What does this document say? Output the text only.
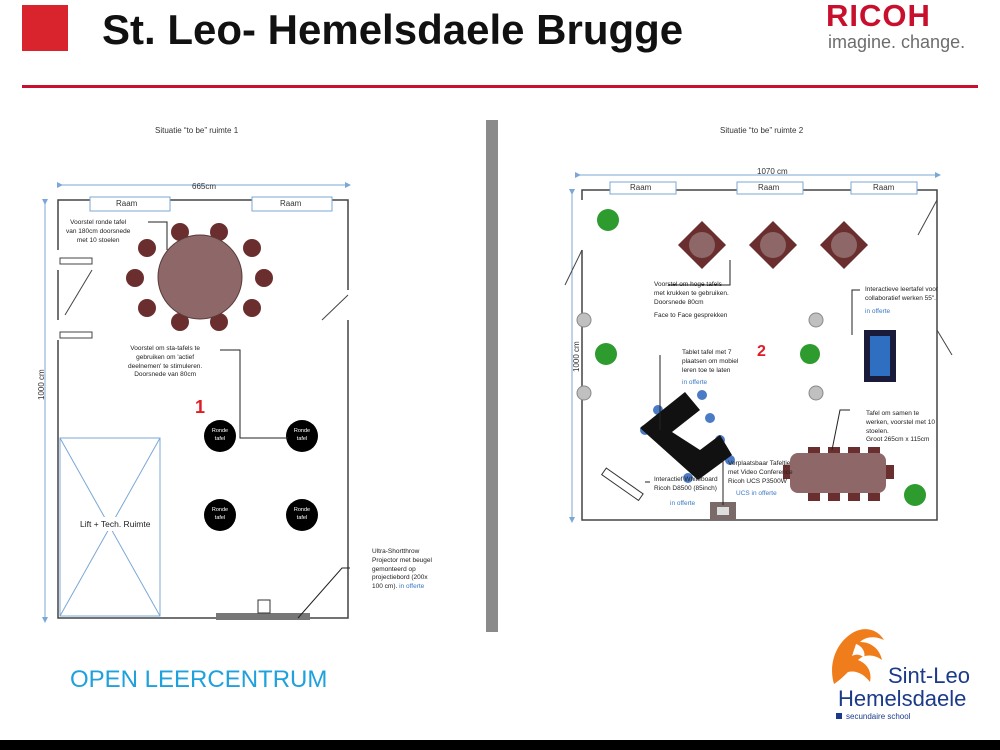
St. Leo- Hemelsdaele Brugge	RICOH
imagine. change.
Situatie “to be” ruimte 1
665cm
1000 cm
Raam	Raam
Voorstel ronde tafel
van 180cm doorsnede
met 10 stoelen
Voorstel om sta-tafels te
gebruiken om 'actief
deelnemen' te stimuleren.
Doorsnede van 80cm
1
Ronde
tafel
Ronde
tafel
Ronde
tafel
Ronde
tafel
Lift + Tech. Ruimte
Ultra-Shortthrow
Projector met beugel
gemonteerd op
projectiebord (200x
100 cm). in offerte
Situatie “to be” ruimte 2
1070 cm
1000 cm
Raam	Raam	Raam
Voorstel om hoge tafels
met krukken te gebruiken.
Doorsnede 80cm
Face to Face gesprekken
Interactieve leertafel voor
collaboratief werken 55".
in offerte
2
Tablet tafel met 7
plaatsen om mobiel
leren toe te laten
in offerte
Tafel om samen te
werken, voorstel met 10
stoelen.
Groot 265cm x 115cm
Interactief Whiteboard
Ricoh D8500 (85inch)
in offerte
Verplaatsbaar Tafeltje
met Video Conference
Ricoh UCS P3500W
UCS in offerte
OPEN LEERCENTRUM	Sint-Leo
Hemelsdaele
secundaire school
